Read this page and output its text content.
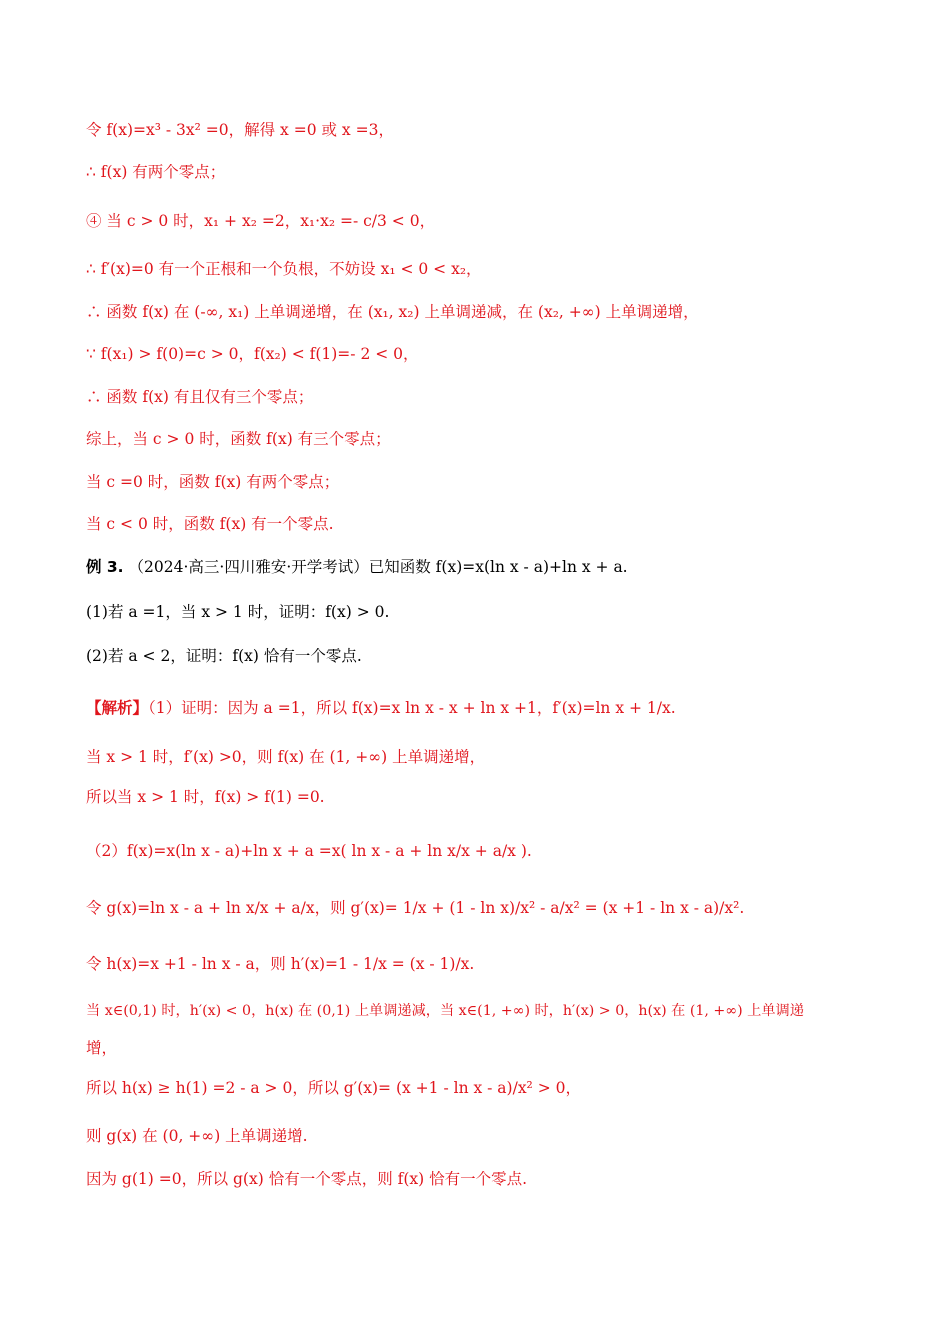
令 f(x)=x³ - 3x² =0，解得 x =0 或 x =3，
∴ f(x) 有两个零点；
④ 当 c > 0 时，x₁ + x₂ =2，x₁·x₂ =- c/3 < 0，
∴ f′(x)=0 有一个正根和一个负根，不妨设 x₁ < 0 < x₂，
∴ 函数 f(x) 在 (-∞, x₁) 上单调递增，在 (x₁, x₂) 上单调递减，在 (x₂, +∞) 上单调递增，
∵ f(x₁) > f(0)=c > 0，f(x₂) < f(1)=- 2 < 0，
∴ 函数 f(x) 有且仅有三个零点；
综上，当 c > 0 时，函数 f(x) 有三个零点；
当 c =0 时，函数 f(x) 有两个零点；
当 c < 0 时，函数 f(x) 有一个零点.
例 3. （2024·高三·四川雅安·开学考试）已知函数 f(x)=x(ln x - a)+ln x + a.
(1)若 a =1，当 x > 1 时，证明：f(x) > 0.
(2)若 a < 2，证明：f(x) 恰有一个零点.
【解析】（1）证明：因为 a =1，所以 f(x)=x ln x - x + ln x +1，f′(x)=ln x + 1/x.
当 x > 1 时，f′(x) >0，则 f(x) 在 (1, +∞) 上单调递增，
所以当 x > 1 时，f(x) > f(1) =0.
（2）f(x)=x(ln x - a)+ln x + a =x( ln x - a + ln x/x + a/x ).
令 g(x)=ln x - a + ln x/x + a/x，则 g′(x)= 1/x + (1 - ln x)/x² - a/x² = (x +1 - ln x - a)/x².
令 h(x)=x +1 - ln x - a，则 h′(x)=1 - 1/x = (x - 1)/x.
当 x∈(0,1) 时，h′(x) < 0，h(x) 在 (0,1) 上单调递减，当 x∈(1, +∞) 时，h′(x) > 0，h(x) 在 (1, +∞) 上单调递
增，
所以 h(x) ≥ h(1) =2 - a > 0，所以 g′(x)= (x +1 - ln x - a)/x² > 0，
则 g(x) 在 (0, +∞) 上单调递增.
因为 g(1) =0，所以 g(x) 恰有一个零点，则 f(x) 恰有一个零点.
